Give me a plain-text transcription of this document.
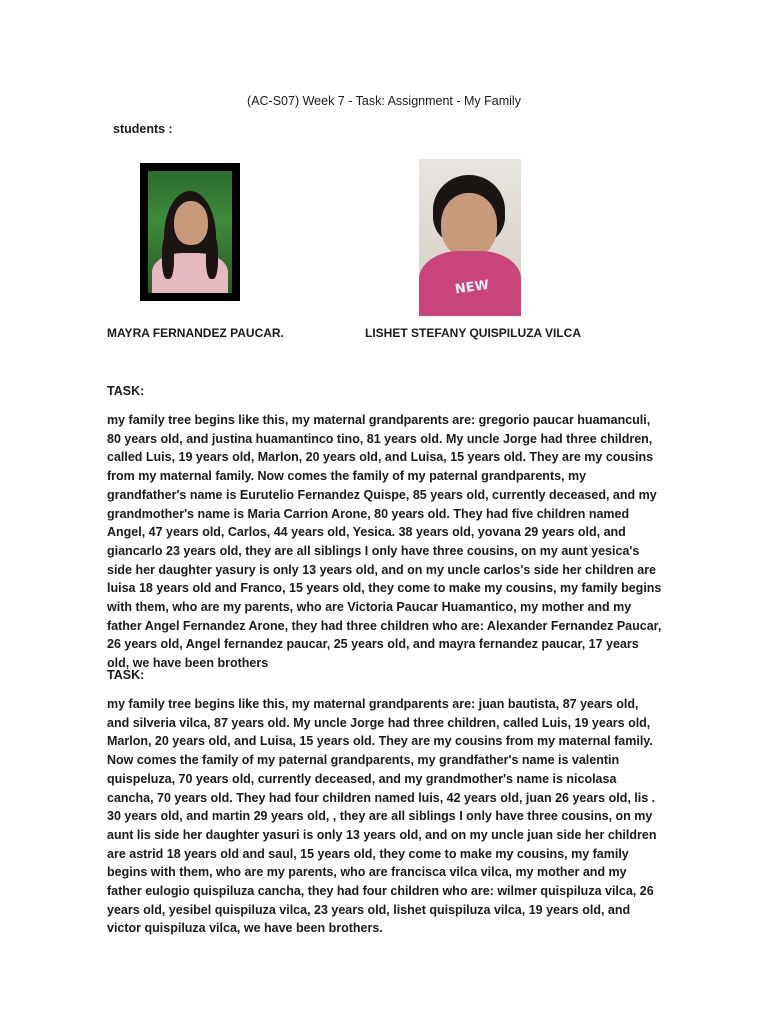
(AC-S07) Week 7 - Task: Assignment - My Family
students :
NEW
MAYRA FERNANDEZ PAUCAR.	LISHET STEFANY QUISPILUZA VILCA
TASK:

my family tree begins like this, my maternal grandparents are: gregorio paucar huamanculi, 80 years old, and justina huamantinco tino, 81 years old. My uncle Jorge had three children, called Luis, 19 years old, Marlon, 20 years old, and Luisa, 15 years old. They are my cousins from my maternal family. Now comes the family of my paternal grandparents, my grandfather's name is Eurutelio Fernandez Quispe, 85 years old, currently deceased, and my grandmother's name is Maria Carrion Arone, 80 years old. They had five children named Angel, 47 years old, Carlos, 44 years old, Yesica. 38 years old, yovana 29 years old, and giancarlo 23 years old, they are all siblings I only have three cousins, on my aunt yesica's side her daughter yasury is only 13 years old, and on my uncle carlos's side her children are luisa 18 years old and Franco, 15 years old, they come to make my cousins, my family begins with them, who are my parents, who are Victoria Paucar Huamantico, my mother and my father Angel Fernandez Arone, they had three children who are: Alexander Fernandez Paucar, 26 years old, Angel fernandez paucar, 25 years old, and mayra fernandez paucar, 17 years old, we have been brothers

TASK:

my family tree begins like this, my maternal grandparents are: juan bautista, 87 years old, and silveria vilca, 87 years old. My uncle Jorge had three children, called Luis, 19 years old, Marlon, 20 years old, and Luisa, 15 years old. They are my cousins from my maternal family. Now comes the family of my paternal grandparents, my grandfather's name is valentin quispeluza, 70 years old, currently deceased, and my grandmother's name is nicolasa cancha, 70 years old. They had four children named luis, 42 years old, juan 26 years old, lis . 30 years old, and martin 29 years old, , they are all siblings I only have three cousins, on my aunt lis side her daughter yasuri is only 13 years old, and on my uncle juan side her children are astrid 18 years old and saul, 15 years old, they come to make my cousins, my family begins with them, who are my parents, who are francisca vilca vilca, my mother and my father eulogio quispiluza cancha, they had four children who are: wilmer quispiluza vilca, 26 years old, yesibel quispiluza vilca, 23 years old, lishet quispiluza vilca, 19 years old, and victor quispiluza vilca, we have been brothers.
